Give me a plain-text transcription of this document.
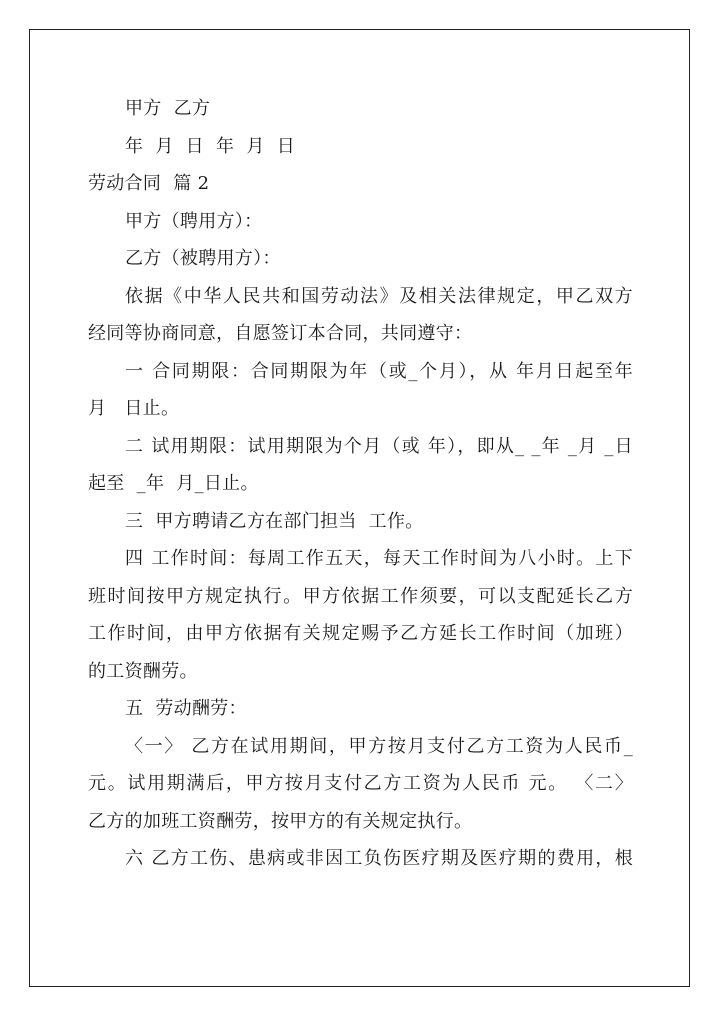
甲方  乙方
年  月  日  年  月  日
劳动合同  篇 2
甲方（聘用方）：
乙方（被聘用方）：
依据《中华人民共和国劳动法》及相关法律规定，甲乙双方
经同等协商同意，自愿签订本合同，共同遵守：
一 合同期限：合同期限为年（或_个月），从 年月日起至年
月   日止。
二 试用期限：试用期限为个月（或 年），即从_ _年 _月 _日
起至  _年  月_日止。
三  甲方聘请乙方在部门担当  工作。
四 工作时间：每周工作五天，每天工作时间为八小时。上下
班时间按甲方规定执行。甲方依据工作须要，可以支配延长乙方
工作时间，由甲方依据有关规定赐予乙方延长工作时间（加班）
的工资酬劳。
五  劳动酬劳：
〈一〉 乙方在试用期间，甲方按月支付乙方工资为人民币_
元。试用期满后，甲方按月支付乙方工资为人民币 元。 〈二〉
乙方的加班工资酬劳，按甲方的有关规定执行。
六 乙方工伤、患病或非因工负伤医疗期及医疗期的费用，根
